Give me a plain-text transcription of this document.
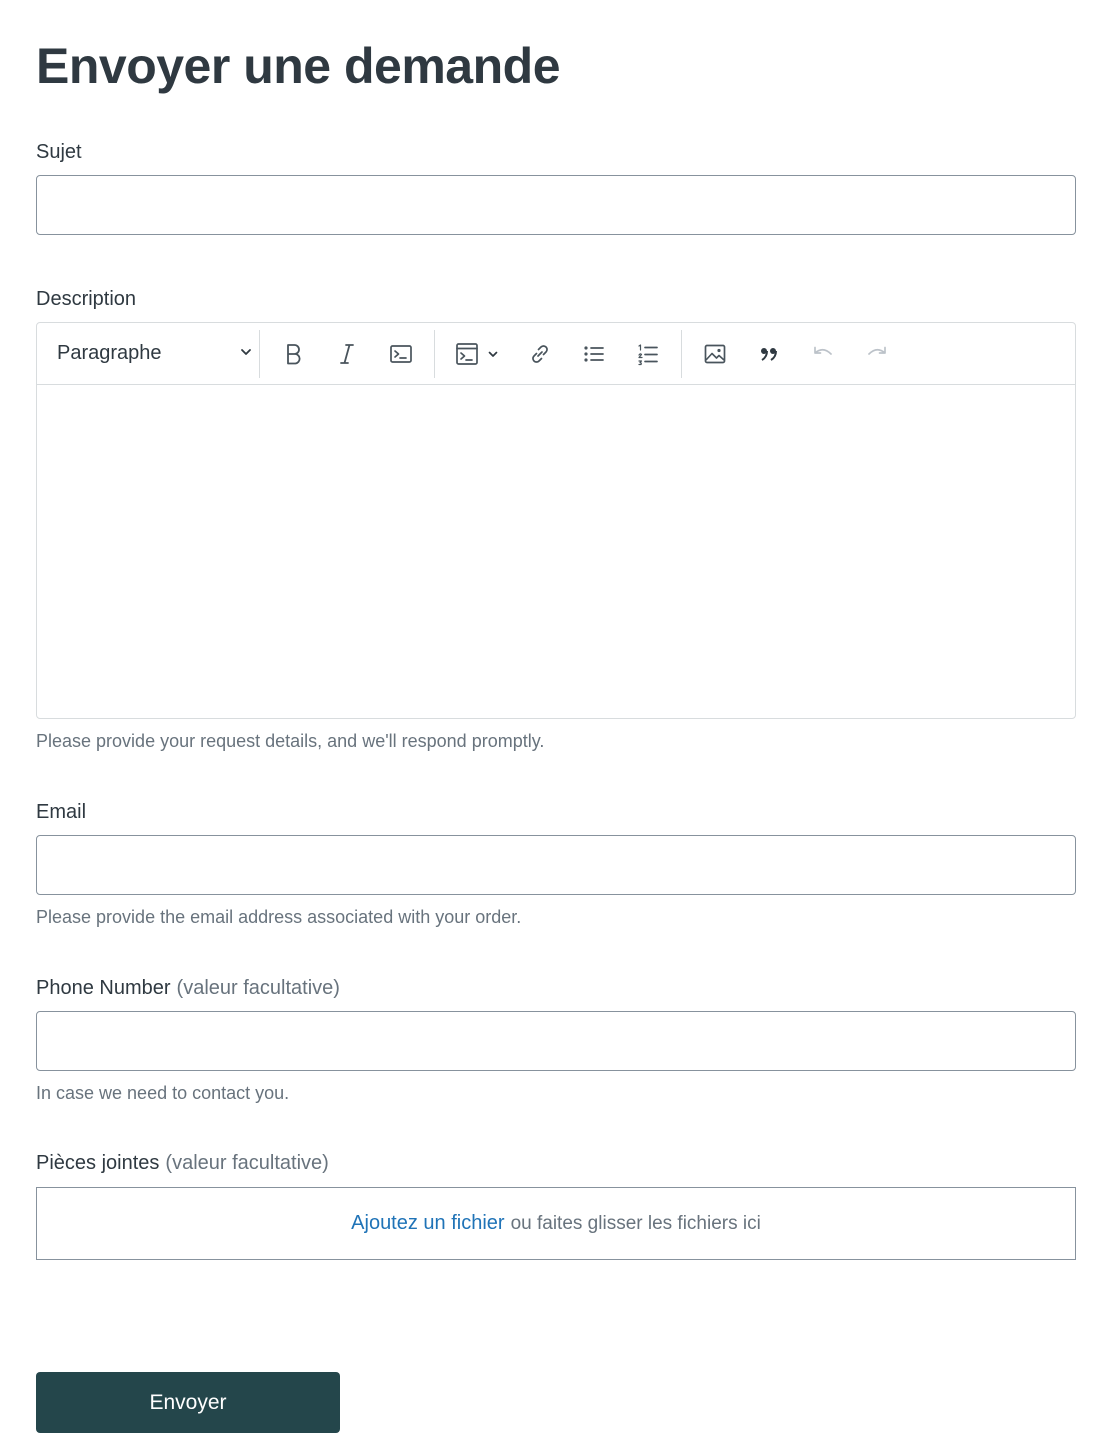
Envoyer une demande
Sujet
Description
Paragraphe
Please provide your request details, and we'll respond promptly.
Email
Please provide the email address associated with your order.
Phone Number (valeur facultative)
In case we need to contact you.
Pièces jointes (valeur facultative)
Ajoutez un fichier ou faites glisser les fichiers ici
Envoyer
